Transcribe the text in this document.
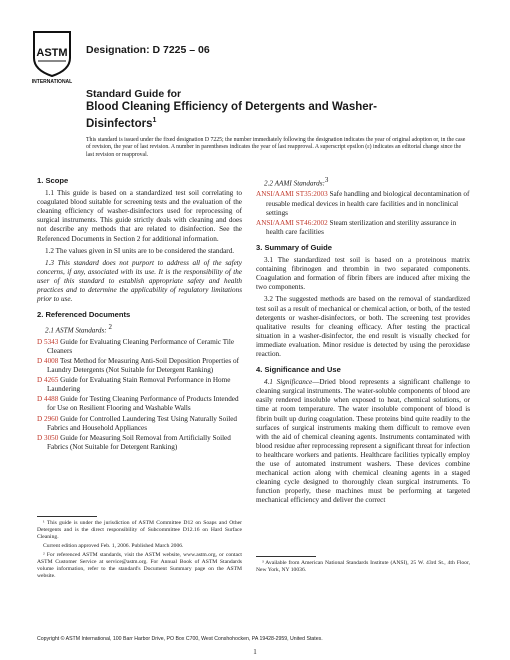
ASTM
INTERNATIONAL
Designation: D 7225 – 06
Standard Guide for
Blood Cleaning Efficiency of Detergents and Washer-Disinfectors$^1$
This standard is issued under the fixed designation D 7225; the number immediately following the designation indicates the year of original adoption or, in the case of revision, the year of last revision. A number in parentheses indicates the year of last reapproval. A superscript epsilon (ε) indicates an editorial change since the last revision or reapproval.
1. Scope

1.1 This guide is based on a standardized test soil correlating to coagulated blood suitable for screening tests and the evaluation of the cleaning efficiency of washer-disinfectors used for reprocessing of surgical instruments. This guide strictly deals with cleaning and does not describe any methods that are related to disinfection. See the Referenced Documents in Section 2 for additional information.

1.2 The values given in SI units are to be considered the standard.

1.3 This standard does not purport to address all of the safety concerns, if any, associated with its use. It is the responsibility of the user of this standard to establish appropriate safety and health practices and to determine the applicability of regulatory limitations prior to use.

2. Referenced Documents
2.1 ASTM Standards: 2
D 5343 Guide for Evaluating Cleaning Performance of Ceramic Tile Cleaners
D 4008 Test Method for Measuring Anti-Soil Deposition Properties of Laundry Detergents (Not Suitable for Detergent Ranking)
D 4265 Guide for Evaluating Stain Removal Performance in Home Laundering
D 4488 Guide for Testing Cleaning Performance of Products Intended for Use on Resilient Flooring and Washable Walls
D 2960 Guide for Controlled Laundering Test Using Naturally Soiled Fabrics and Household Appliances
D 3050 Guide for Measuring Soil Removal from Artificially Soiled Fabrics (Not Suitable for Detergent Ranking)
2.2 AAMI Standards:3
ANSI/AAMI ST35:2003 Safe handling and biological decontamination of reusable medical devices in health care facilities and in nonclinical settings
ANSI/AAMI ST46:2002 Steam sterilization and sterility assurance in health care facilities
3. Summary of Guide

3.1 The standardized test soil is based on a proteinous matrix containing fibrinogen and thrombin in two separated components. Coagulation and formation of fibrin fibers are induced after mixing the two components.

3.2 The suggested methods are based on the removal of standardized test soil as a result of mechanical or chemical action, or both, of the tested detergents or washer-disinfectors, or both. The screening test provides qualitative results for cleaning efficacy. After testing the practical situation in a washer-disinfector, the end result is visually checked for immediate evaluation. Minor residue is detected by using the peroxidase reaction.

4. Significance and Use

4.1 Significance—Dried blood represents a significant challenge to cleaning surgical instruments. The water-soluble components of blood are easily rendered insoluble when exposed to heat, chemical solutions, or time at room temperature. The water insoluble component of blood is fibrin built up during coagulation. These proteins bind quite readily to the surfaces of surgical instruments making them difficult to remove even with the aid of chemical cleaning agents. Instruments contaminated with blood residue after reprocessing represent a significant threat for infection to healthcare workers and patients. Healthcare facilities typically employ the use of automated instrument washers. These devices combine mechanical action along with chemical cleaning agents in a staged cleaning cycle designed to thoroughly clean surgical instruments. To function properly, these machines must be performing at targeted mechanical efficiency and deliver the correct

¹ This guide is under the jurisdiction of ASTM Committee D12 on Soaps and Other Detergents and is the direct responsibility of Subcommittee D12.16 on Hard Surface Cleaning.

Current edition approved Feb. 1, 2006. Published March 2006.

² For referenced ASTM standards, visit the ASTM website, www.astm.org, or contact ASTM Customer Service at service@astm.org. For Annual Book of ASTM Standards volume information, refer to the standard's Document Summary page on the ASTM website.

³ Available from American National Standards Institute (ANSI), 25 W. 43rd St., 4th Floor, New York, NY 10036.

Copyright © ASTM International, 100 Barr Harbor Drive, PO Box C700, West Conshohocken, PA 19428-2959, United States.
1
